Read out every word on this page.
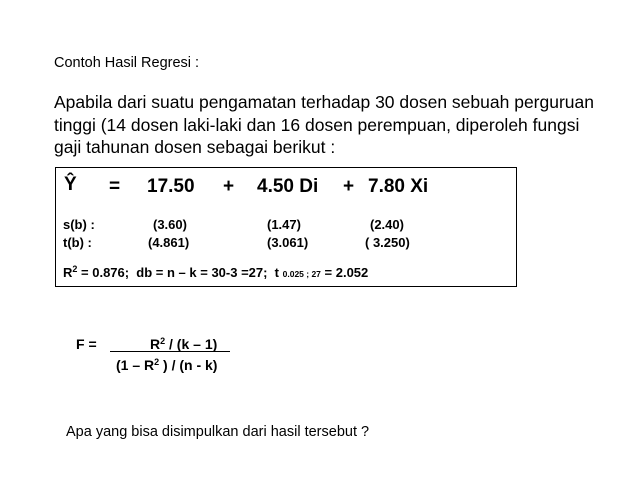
Contoh Hasil Regresi :
Apabila dari suatu pengamatan terhadap 30 dosen sebuah perguruan
tinggi (14 dosen laki-laki dan 16 dosen perempuan, diperoleh fungsi
gaji tahunan dosen sebagai berikut :
Ŷ = 17.50 + 4.50 Di + 7.80 Xi
s(b) :	(3.60)	(1.47)	(2.40)
t(b) :	(4.861)	(3.061)	( 3.250)
$R^2 = 0.876$;  db = n – k = 30-3 =27;  t 0.025 ; 27 = 2.052
F =	$R^2 / (k - 1)$
($1 - R^2$ ) / (n - k)
Apa yang bisa disimpulkan dari hasil tersebut ?
